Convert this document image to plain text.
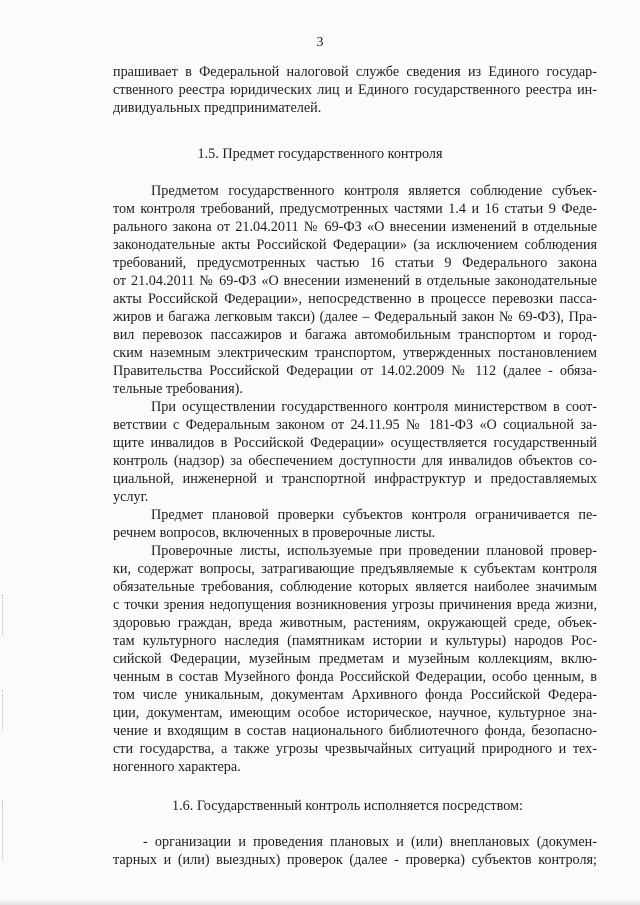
3
прашивает в Федеральной налоговой службе сведения из Единого государ-
ственного реестра юридических лиц и Единого государственного реестра ин-
дивидуальных предпринимателей.
1.5. Предмет государственного контроля
Предметом государственного контроля является соблюдение субъек-
том контроля требований, предусмотренных частями 1.4 и 16 статьи 9 Феде-
рального закона от 21.04.2011 № 69-ФЗ «О внесении изменений в отдельные
законодательные акты Российской Федерации» (за исключением соблюдения
требований, предусмотренных частью 16 статьи 9 Федерального закона
от 21.04.2011 № 69-ФЗ «О внесении изменений в отдельные законодательные
акты Российской Федерации», непосредственно в процессе перевозки пассa-
жиров и багажа легковым такси) (далее – Федеральный закон № 69-ФЗ), Пра-
вил перевозок пассажиров и багажа автомобильным транспортом и город-
ским наземным электрическим транспортом, утвержденных постановлением
Правительства Российской Федерации от 14.02.2009 № 112 (далее - обяза-
тельные требования).
При осуществлении государственного контроля министерством в соот-
ветствии с Федеральным законом от 24.11.95 № 181-ФЗ «О социальной за-
щите инвалидов в Российской Федерации» осуществляется государственный
контроль (надзор) за обеспечением доступности для инвалидов объектов со-
циальной, инженерной и транспортной инфраструктур и предоставляемых
услуг.
Предмет плановой проверки субъектов контроля ограничивается пе-
речнем вопросов, включенных в проверочные листы.
Проверочные листы, используемые при проведении плановой провер-
ки, содержат вопросы, затрагивающие предъявляемые к субъектам контроля
обязательные требования, соблюдение которых является наиболее значимым
с точки зрения недопущения возникновения угрозы причинения вреда жизни,
здоровью граждан, вреда животным, растениям, окружающей среде, объек-
там культурного наследия (памятникам истории и культуры) народов Рос-
сийской Федерации, музейным предметам и музейным коллекциям, вклю-
ченным в состав Музейного фонда Российской Федерации, особо ценным, в
том числе уникальным, документам Архивного фонда Российской Федера-
ции, документам, имеющим особое историческое, научное, культурное зна-
чение и входящим в состав национального библиотечного фонда, безопасно-
сти государства, а также угрозы чрезвычайных ситуаций природного и тех-
ногенного характера.
1.6. Государственный контроль исполняется посредством:
- организации и проведения плановых и (или) внеплановых (докумен-
тарных и (или) выездных) проверок (далее - проверка) субъектов контроля;
